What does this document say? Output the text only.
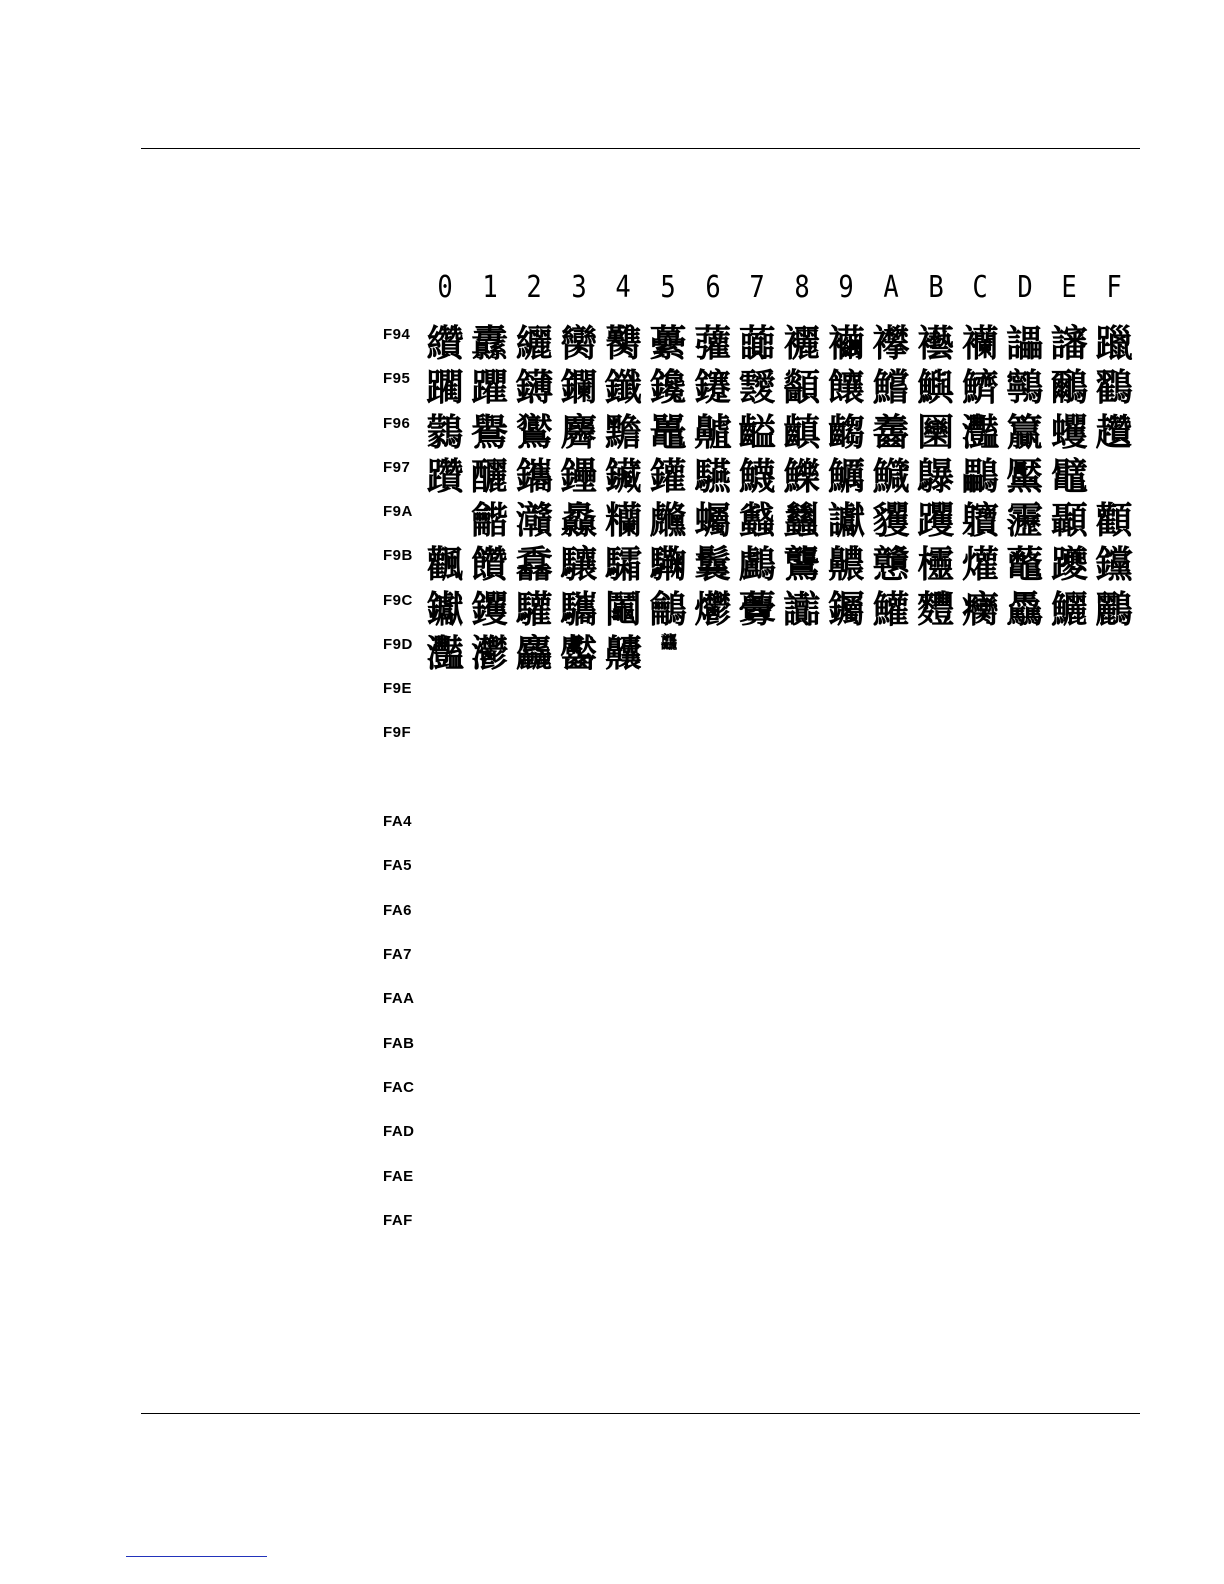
0 1 2 3 4 5 6 7 8 9 A B C D E F
F94 纘 纛 纚 臠 臡 虆 虇 虈 襹 襺 襻 襼 襽 讄 讅 躐
F95 躙 躣 鑮 鑭 鑯 鑱 鑳 靉 顲 饟 鱨 鱮 鱭 鸋 鸍 鸐
F96 鸏 鸒 鸑 麡 黵 鼉 齇 齸 齻 齺 齹 圞 灩 籯 蠼 趲
F97 躦 釃 鑴 鑸 鑶 鑵 驠 鱴 鱳 鱱 鱵 鸔 鸓 黶 鼊
F9A 龤 灨 灥 糷 虪 蠾 蠽 蠿 讞 貜 躩 軉 靋 顳 顴
F9B 飌 饡 馫 驤 驦 驧 鬤 鸕 鸗 齈 戇 欞 爟 虌 躨 钂
F9C 钀 钁 驩 驨 鬮 鸙 爩 虋 讟 钃 鱹 麷 癵 驫 鱺 鸝
F9D 灩 灪 麤 齾 齉	龘
F9E
F9F
FA4
FA5
FA6
FA7
FAA
FAB
FAC
FAD
FAE
FAF
